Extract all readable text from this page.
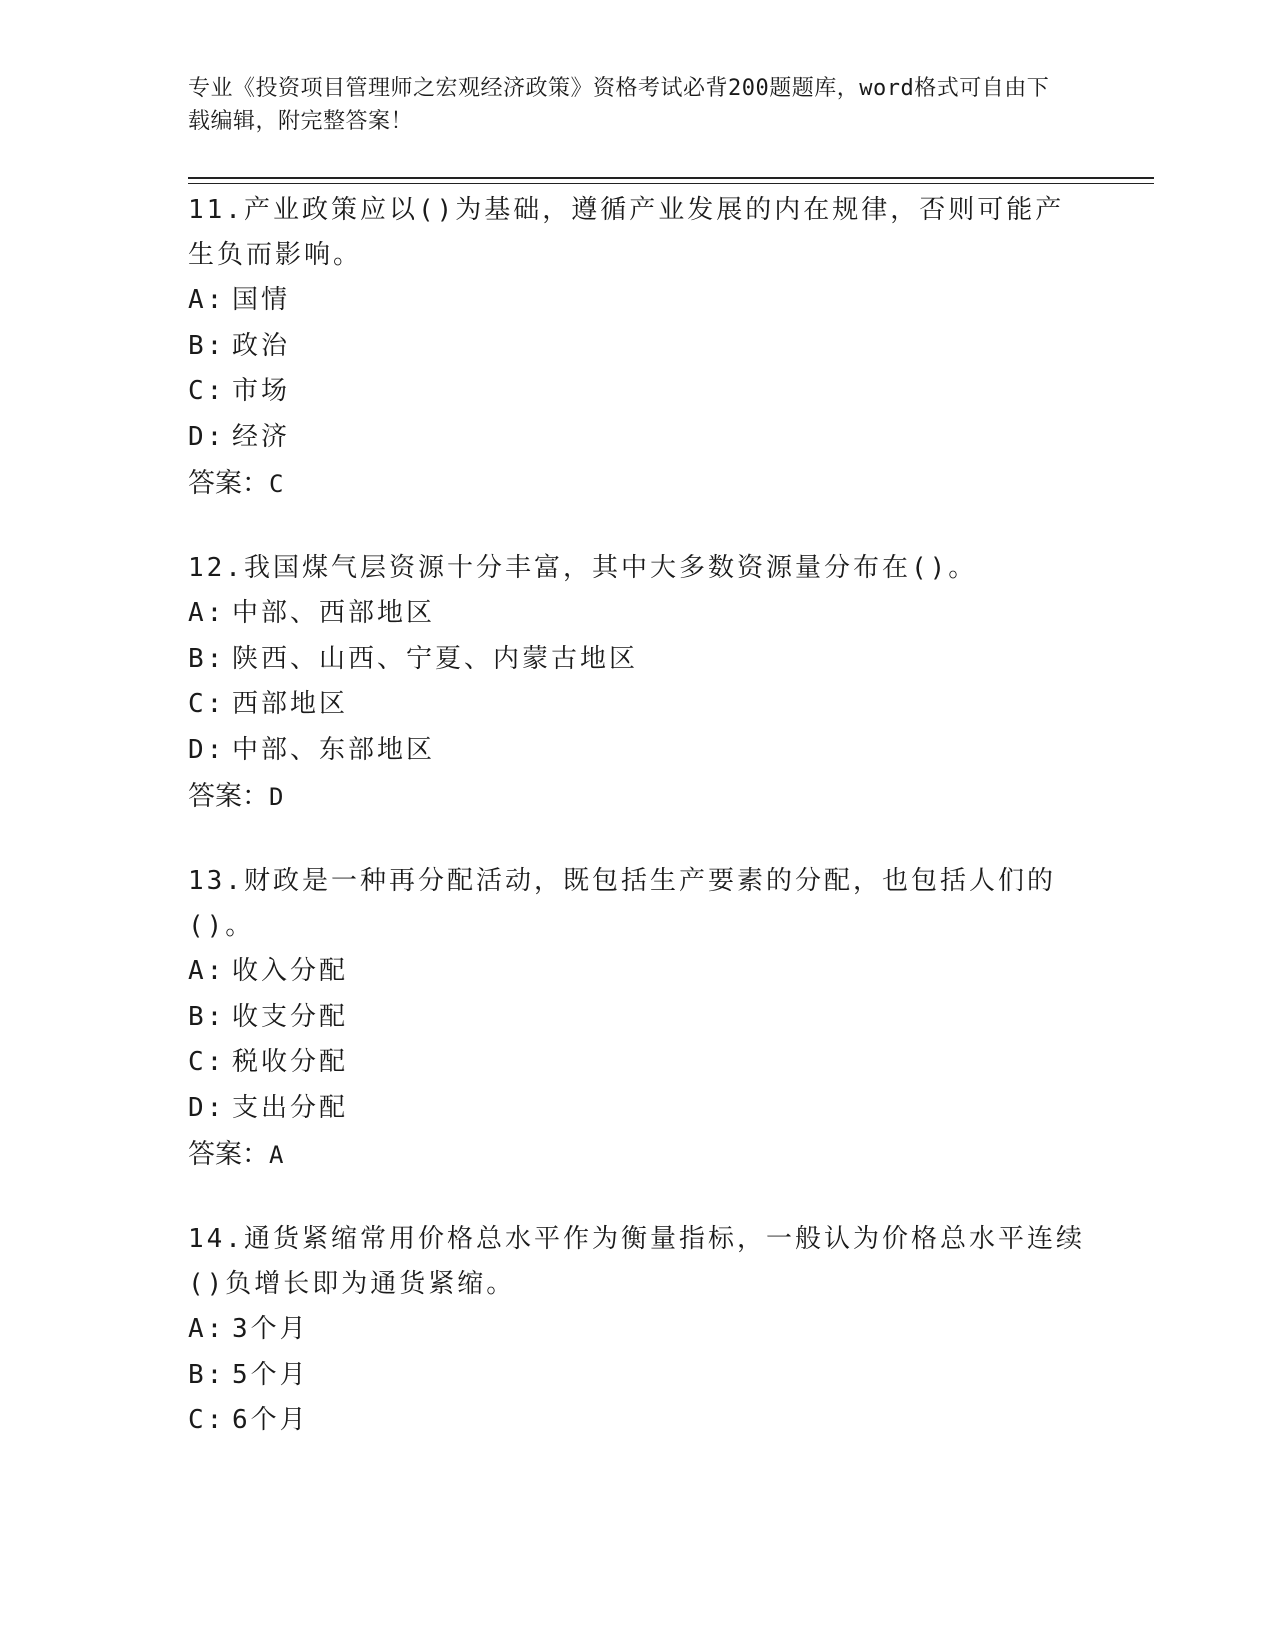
专业《投资项目管理师之宏观经济政策》资格考试必背200题题库，word格式可自由下载编辑，附完整答案！

11.产业政策应以()为基础，遵循产业发展的内在规律，否则可能产生负而影响。

A: 国情

B: 政治

C: 市场

D: 经济

答案：C

12.我国煤气层资源十分丰富，其中大多数资源量分布在()。

A: 中部、西部地区

B: 陕西、山西、宁夏、内蒙古地区

C: 西部地区

D: 中部、东部地区

答案：D

13.财政是一种再分配活动，既包括生产要素的分配，也包括人们的()。

A: 收入分配

B: 收支分配

C: 税收分配

D: 支出分配

答案：A

14.通货紧缩常用价格总水平作为衡量指标，一般认为价格总水平连续()负增长即为通货紧缩。

A: 3个月

B: 5个月

C: 6个月
